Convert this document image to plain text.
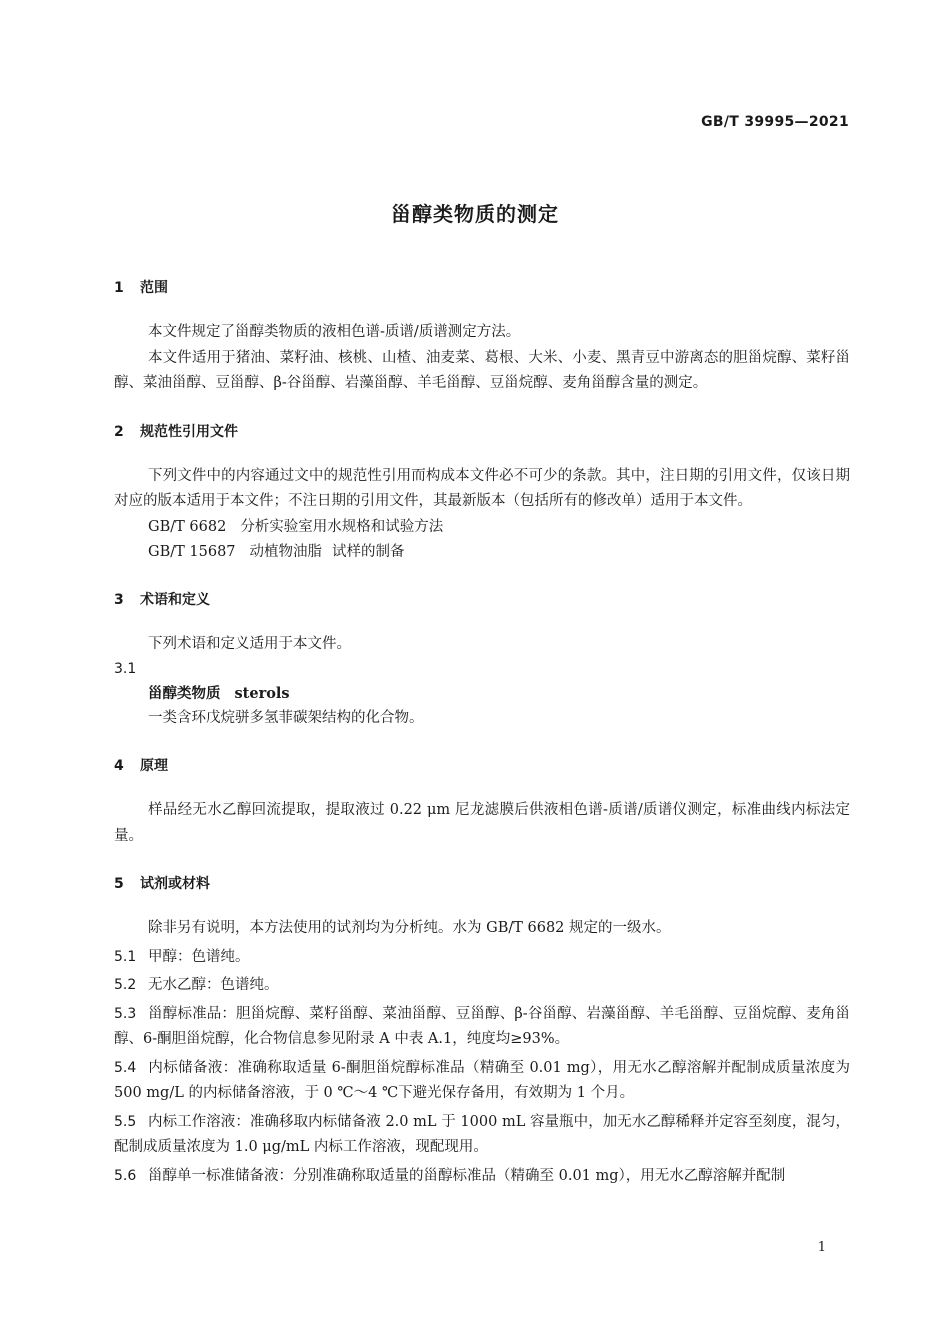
GB/T 39995—2021
甾醇类物质的测定
1 范围
本文件规定了甾醇类物质的液相色谱-质谱/质谱测定方法。
本文件适用于猪油、菜籽油、核桃、山楂、油麦菜、葛根、大米、小麦、黑青豆中游离态的胆甾烷醇、菜籽甾醇、菜油甾醇、豆甾醇、β-谷甾醇、岩藻甾醇、羊毛甾醇、豆甾烷醇、麦角甾醇含量的测定。
2 规范性引用文件
下列文件中的内容通过文中的规范性引用而构成本文件必不可少的条款。其中，注日期的引用文件，仅该日期对应的版本适用于本文件；不注日期的引用文件，其最新版本（包括所有的修改单）适用于本文件。
GB/T 6682 分析实验室用水规格和试验方法
GB/T 15687 动植物油脂 试样的制备
3 术语和定义
下列术语和定义适用于本文件。
3.1
甾醇类物质 sterols
一类含环戊烷骈多氢菲碳架结构的化合物。
4 原理
样品经无水乙醇回流提取，提取液过 0.22 μm 尼龙滤膜后供液相色谱-质谱/质谱仪测定，标准曲线内标法定量。
5 试剂或材料
除非另有说明，本方法使用的试剂均为分析纯。水为 GB/T 6682 规定的一级水。
5.1 甲醇：色谱纯。
5.2 无水乙醇：色谱纯。
5.3 甾醇标准品：胆甾烷醇、菜籽甾醇、菜油甾醇、豆甾醇、β-谷甾醇、岩藻甾醇、羊毛甾醇、豆甾烷醇、麦角甾醇、6-酮胆甾烷醇，化合物信息参见附录 A 中表 A.1，纯度均≥93%。
5.4 内标储备液：准确称取适量 6-酮胆甾烷醇标准品（精确至 0.01 mg），用无水乙醇溶解并配制成质量浓度为 500 mg/L 的内标储备溶液，于 0 ℃～4 ℃下避光保存备用，有效期为 1 个月。
5.5 内标工作溶液：准确移取内标储备液 2.0 mL 于 1000 mL 容量瓶中，加无水乙醇稀释并定容至刻度，混匀，配制成质量浓度为 1.0 μg/mL 内标工作溶液，现配现用。
5.6 甾醇单一标准储备液：分别准确称取适量的甾醇标准品（精确至 0.01 mg），用无水乙醇溶解并配制
1
